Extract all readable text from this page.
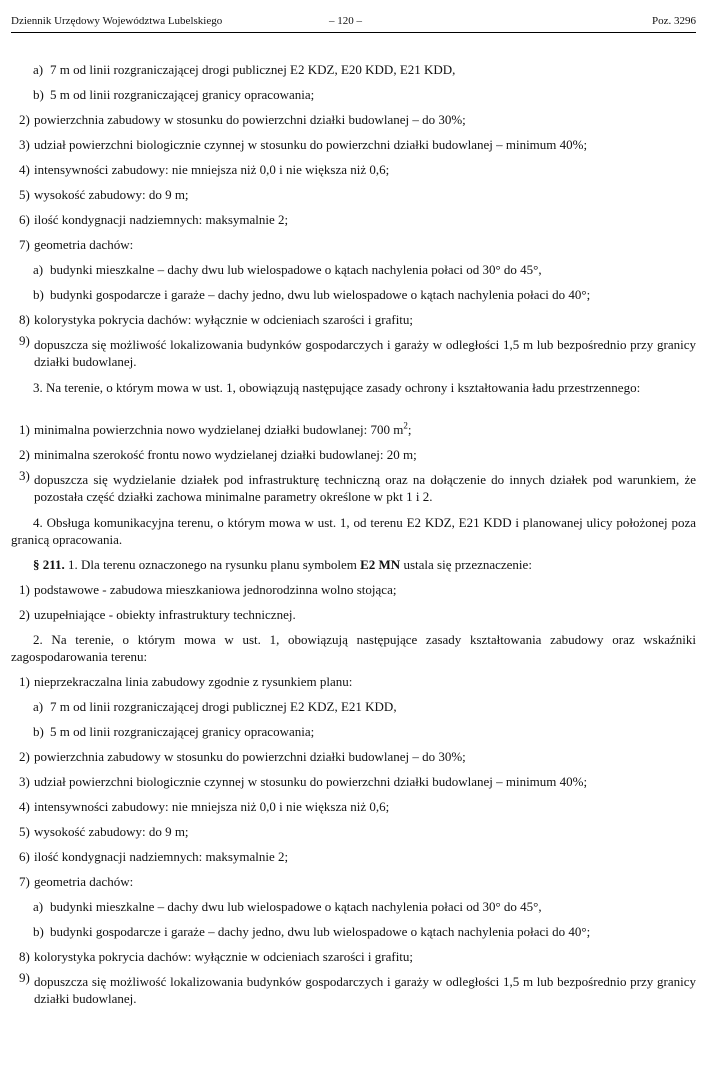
Dziennik Urzędowy Województwa Lubelskiego	– 120 –	Poz. 3296
a) 7 m od linii rozgraniczającej drogi publicznej E2 KDZ, E20 KDD, E21 KDD,
b) 5 m od linii rozgraniczającej granicy opracowania;
2) powierzchnia zabudowy w stosunku do powierzchni działki budowlanej – do 30%;
3) udział powierzchni biologicznie czynnej w stosunku do powierzchni działki budowlanej – minimum 40%;
4) intensywności zabudowy: nie mniejsza niż 0,0 i nie większa niż 0,6;
5) wysokość zabudowy: do 9 m;
6) ilość kondygnacji nadziemnych: maksymalnie 2;
7) geometria dachów:
a) budynki mieszkalne – dachy dwu lub wielospadowe o kątach nachylenia połaci od 30° do 45°,
b) budynki gospodarcze i garaże – dachy jedno, dwu lub wielospadowe o kątach nachylenia połaci do 40°;
8) kolorystyka pokrycia dachów: wyłącznie w odcieniach szarości i grafitu;
9) dopuszcza się możliwość lokalizowania budynków gospodarczych i garaży w odległości 1,5 m lub bezpośrednio przy granicy działki budowlanej.
3. Na terenie, o którym mowa w ust. 1, obowiązują następujące zasady ochrony i kształtowania ładu przestrzennego:
1) minimalna powierzchnia nowo wydzielanej działki budowlanej: 700 $m^2$;
2) minimalna szerokość frontu nowo wydzielanej działki budowlanej: 20 m;
3) dopuszcza się wydzielanie działek pod infrastrukturę techniczną oraz na dołączenie do innych działek pod warunkiem, że pozostała część działki zachowa minimalne parametry określone w pkt 1 i 2.
4. Obsługa komunikacyjna terenu, o którym mowa w ust. 1, od terenu E2 KDZ, E21 KDD i planowanej ulicy położonej poza granicą opracowania.
§ 211. 1. Dla terenu oznaczonego na rysunku planu symbolem E2 MN ustala się przeznaczenie:
1) podstawowe - zabudowa mieszkaniowa jednorodzinna wolno stojąca;
2) uzupełniające - obiekty infrastruktury technicznej.
2. Na terenie, o którym mowa w ust. 1, obowiązują następujące zasady kształtowania zabudowy oraz wskaźniki zagospodarowania terenu:
1) nieprzekraczalna linia zabudowy zgodnie z rysunkiem planu:
a) 7 m od linii rozgraniczającej drogi publicznej E2 KDZ, E21 KDD,
b) 5 m od linii rozgraniczającej granicy opracowania;
2) powierzchnia zabudowy w stosunku do powierzchni działki budowlanej – do 30%;
3) udział powierzchni biologicznie czynnej w stosunku do powierzchni działki budowlanej – minimum 40%;
4) intensywności zabudowy: nie mniejsza niż 0,0 i nie większa niż 0,6;
5) wysokość zabudowy: do 9 m;
6) ilość kondygnacji nadziemnych: maksymalnie 2;
7) geometria dachów:
a) budynki mieszkalne – dachy dwu lub wielospadowe o kątach nachylenia połaci od 30° do 45°,
b) budynki gospodarcze i garaże – dachy jedno, dwu lub wielospadowe o kątach nachylenia połaci do 40°;
8) kolorystyka pokrycia dachów: wyłącznie w odcieniach szarości i grafitu;
9) dopuszcza się możliwość lokalizowania budynków gospodarczych i garaży w odległości 1,5 m lub bezpośrednio przy granicy działki budowlanej.
